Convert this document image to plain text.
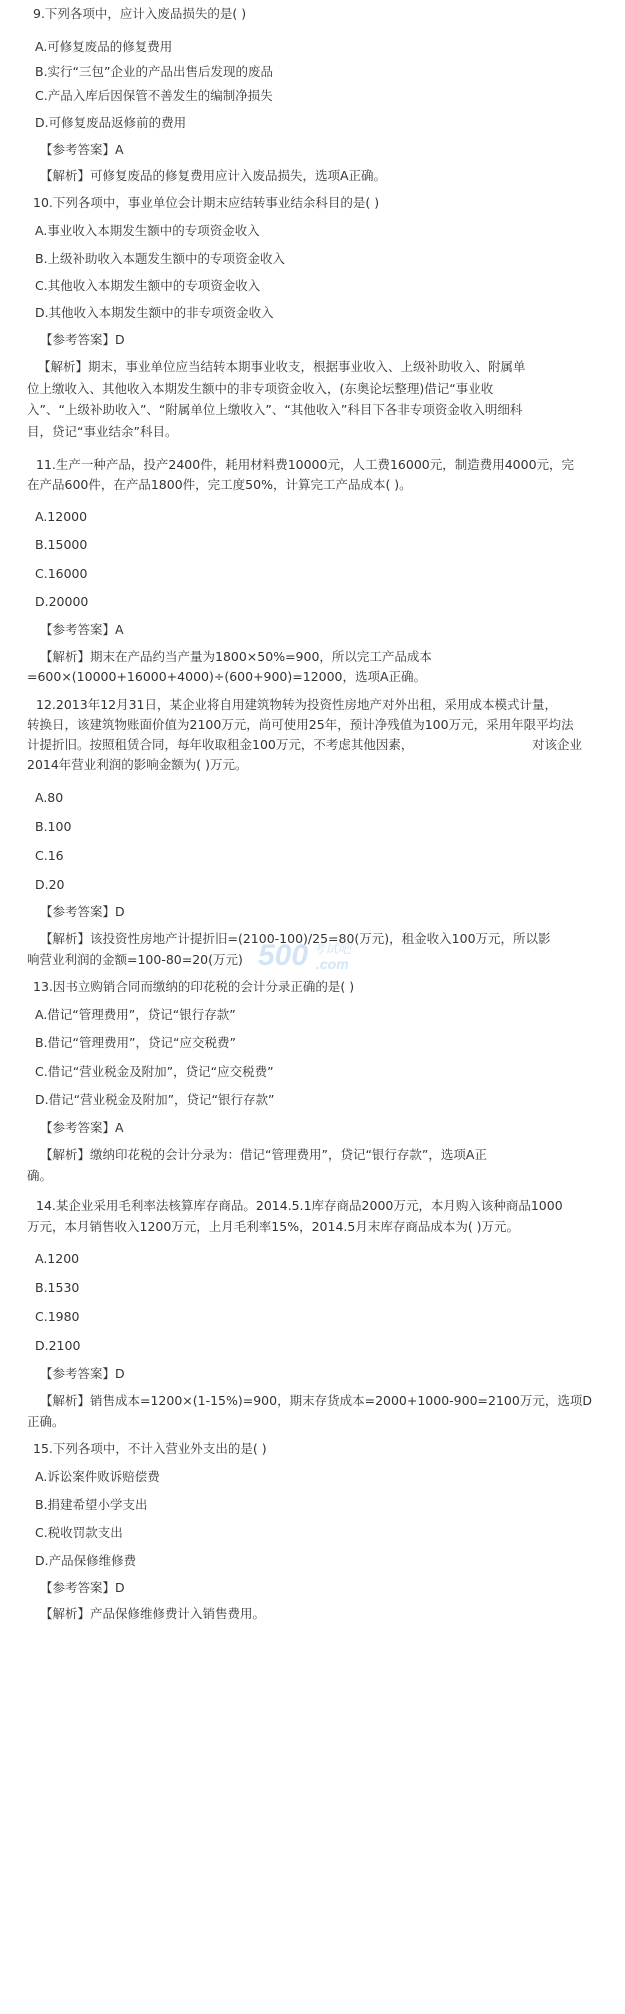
9.下列各项中，应计入废品损失的是( )
A.可修复废品的修复费用
B.实行“三包”企业的产品出售后发现的废品
C.产品入库后因保管不善发生的编制净损失
D.可修复废品返修前的费用
【参考答案】A
【解析】可修复废品的修复费用应计入废品损失，选项A正确。
10.下列各项中，事业单位会计期末应结转事业结余科目的是( )
A.事业收入本期发生额中的专项资金收入
B.上级补助收入本题发生额中的专项资金收入
C.其他收入本期发生额中的专项资金收入
D.其他收入本期发生额中的非专项资金收入
【参考答案】D
【解析】期末，事业单位应当结转本期事业收支，根据事业收入、上级补助收入、附属单
位上缴收入、其他收入本期发生额中的非专项资金收入，(东奥论坛整理)借记“事业收
入”、“上级补助收入”、“附属单位上缴收入”、“其他收入”科目下各非专项资金收入明细科
目，贷记“事业结余”科目。
11.生产一种产品，投产2400件，耗用材料费10000元，人工费16000元，制造费用4000元，完
在产品600件，在产品1800件，完工度50%，计算完工产品成本( )。
A.12000
B.15000
C.16000
D.20000
【参考答案】A
【解析】期末在产品约当产量为1800×50%=900，所以完工产品成本
=600×(10000+16000+4000)÷(600+900)=12000，选项A正确。
12.2013年12月31日，某企业将自用建筑物转为投资性房地产对外出租，采用成本模式计量，
转换日，该建筑物账面价值为2100万元，尚可使用25年，预计净残值为100万元，采用年限平均法
计提折旧。按照租赁合同，每年收取租金100万元，不考虑其他因素，	对该企业
2014年营业利润的影响金额为( )万元。
A.80
B.100
C.16
D.20
【参考答案】D
【解析】该投资性房地产计提折旧=(2100-100)/25=80(万元)，租金收入100万元，所以影
响营业利润的金额=100-80=20(万元)
13.因书立购销合同而缴纳的印花税的会计分录正确的是( )
A.借记“管理费用”，贷记“银行存款”
B.借记“管理费用”，贷记“应交税费”
C.借记“营业税金及附加”，贷记“应交税费”
D.借记“营业税金及附加”，贷记“银行存款”
【参考答案】A
【解析】缴纳印花税的会计分录为：借记“管理费用”，贷记“银行存款”，选项A正
确。
14.某企业采用毛利率法核算库存商品。2014.5.1库存商品2000万元，本月购入该种商品1000
万元，本月销售收入1200万元，上月毛利率15%，2014.5月末库存商品成本为( )万元。
A.1200
B.1530
C.1980
D.2100
【参考答案】D
【解析】销售成本=1200×(1-15%)=900，期末存货成本=2000+1000-900=2100万元，选项D
正确。
15.下列各项中，不计入营业外支出的是( )
A.诉讼案件败诉赔偿费
B.捐建希望小学支出
C.税收罚款支出
D.产品保修维修费
【参考答案】D
【解析】产品保修维修费计入销售费用。
500 考试吧
.com
